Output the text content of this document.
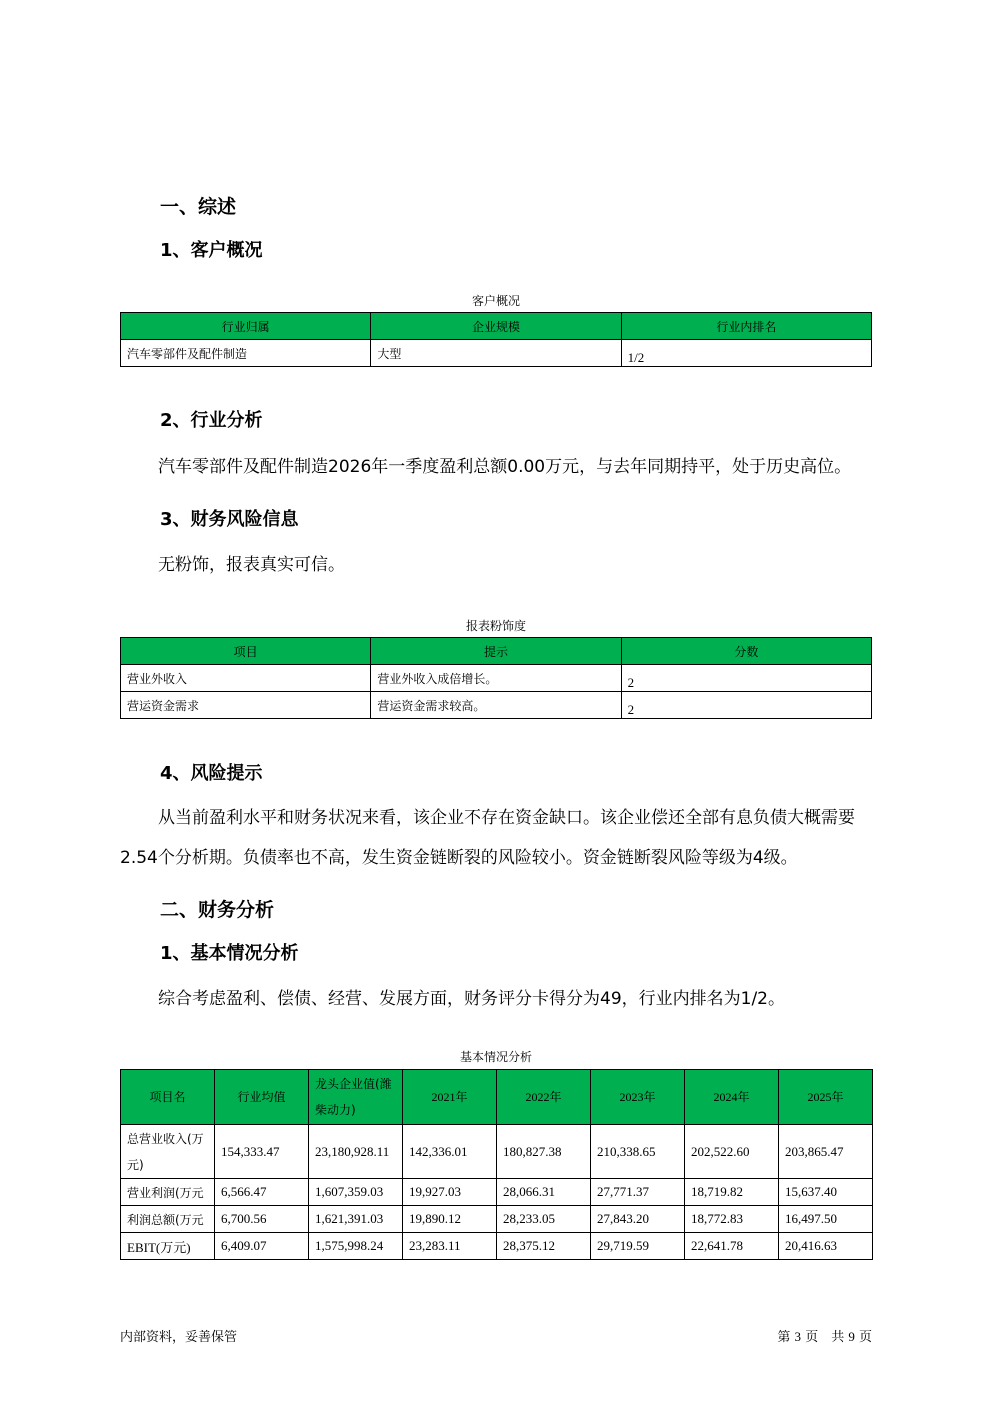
一、综述
1、客户概况
客户概况
行业归属	企业规模	行业内排名
汽车零部件及配件制造	大型	1/2
2、行业分析

汽车零部件及配件制造2026年一季度盈利总额0.00万元，与去年同期持平，处于历史高位。

3、财务风险信息

无粉饰，报表真实可信。

报表粉饰度
项目	提示	分数
营业外收入	营业外收入成倍增长。	2
营运资金需求	营运资金需求较高。	2
4、风险提示

从当前盈利水平和财务状况来看，该企业不存在资金缺口。该企业偿还全部有息负债大概需要 2.54个分析期。负债率也不高，发生资金链断裂的风险较小。资金链断裂风险等级为4级。

二、财务分析
1、基本情况分析

综合考虑盈利、偿债、经营、发展方面，财务评分卡得分为49，行业内排名为1/2。

基本情况分析
项目名	行业均值	龙头企业值(潍柴动力)	2021年	2022年	2023年	2024年	2025年
总营业收入(万元)	154,333.47	23,180,928.11	142,336.01	180,827.38	210,338.65	202,522.60	203,865.47
营业利润(万元	6,566.47	1,607,359.03	19,927.03	28,066.31	27,771.37	18,719.82	15,637.40
利润总额(万元	6,700.56	1,621,391.03	19,890.12	28,233.05	27,843.20	18,772.83	16,497.50
EBIT(万元)	6,409.07	1,575,998.24	23,283.11	28,375.12	29,719.59	22,641.78	20,416.63
内部资料，妥善保管	第 3 页　共 9 页
